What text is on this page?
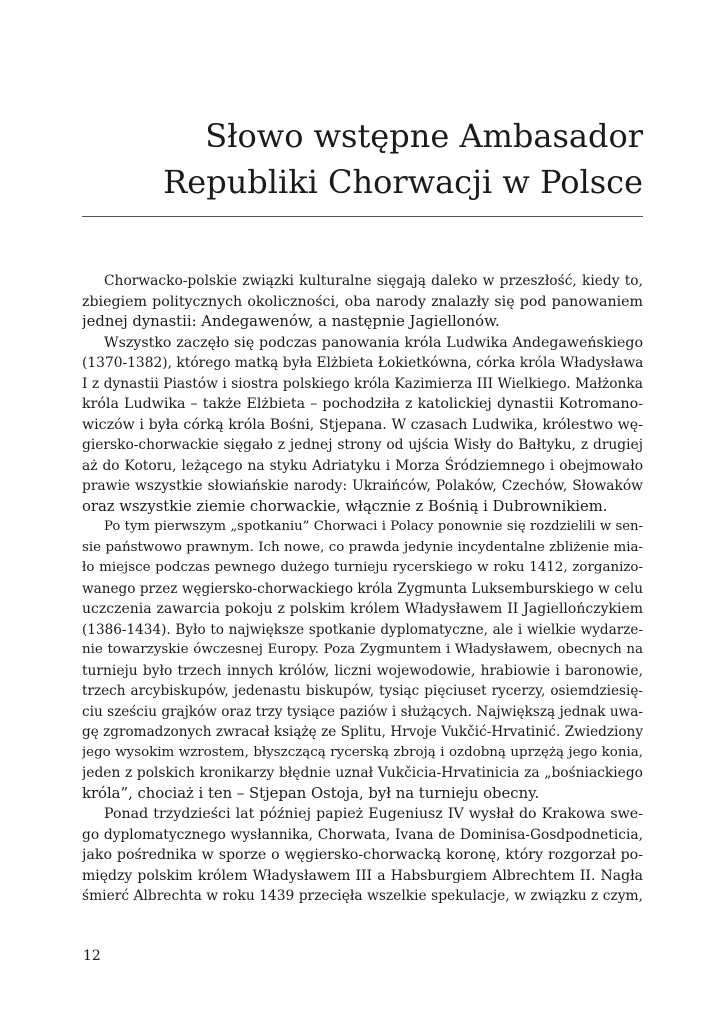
Słowo wstępne Ambasador
Republiki Chorwacji w Polsce
Chorwacko-polskie związki kulturalne sięgają daleko w przeszłość, kiedy to,
zbiegiem politycznych okoliczności, oba narody znalazły się pod panowaniem
jednej dynastii: Andegawenów, a następnie Jagiellonów.
Wszystko zaczęło się podczas panowania króla Ludwika Andegaweńskiego
(1370-1382), którego matką była Elżbieta Łokietkówna, córka króla Władysława
I z dynastii Piastów i siostra polskiego króla Kazimierza III Wielkiego. Małżonka
króla Ludwika – także Elżbieta – pochodziła z katolickiej dynastii Kotromano-
wiczów i była córką króla Bośni, Stjepana. W czasach Ludwika, królestwo wę-
giersko-chorwackie sięgało z jednej strony od ujścia Wisły do Bałtyku, z drugiej
aż do Kotoru, leżącego na styku Adriatyku i Morza Śródziemnego i obejmowało
prawie wszystkie słowiańskie narody: Ukraińców, Polaków, Czechów, Słowaków
oraz wszystkie ziemie chorwackie, włącznie z Bośnią i Dubrownikiem.
Po tym pierwszym „spotkaniu” Chorwaci i Polacy ponownie się rozdzielili w sen-
sie państwowo prawnym. Ich nowe, co prawda jedynie incydentalne zbliżenie mia-
ło miejsce podczas pewnego dużego turnieju rycerskiego w roku 1412, zorganizo-
wanego przez węgiersko-chorwackiego króla Zygmunta Luksemburskiego w celu
uczczenia zawarcia pokoju z polskim królem Władysławem II Jagiellończykiem
(1386-1434). Było to największe spotkanie dyplomatyczne, ale i wielkie wydarze-
nie towarzyskie ówczesnej Europy. Poza Zygmuntem i Władysławem, obecnych na
turnieju było trzech innych królów, liczni wojewodowie, hrabiowie i baronowie,
trzech arcybiskupów, jedenastu biskupów, tysiąc pięciuset rycerzy, osiemdziesię-
ciu sześciu grajków oraz trzy tysiące paziów i służących. Największą jednak uwa-
gę zgromadzonych zwracał książę ze Splitu, Hrvoje Vukčić-Hrvatinić. Zwiedziony
jego wysokim wzrostem, błyszczącą rycerską zbroją i ozdobną uprzężą jego konia,
jeden z polskich kronikarzy błędnie uznał Vukčicia-Hrvatinicia za „bośniackiego
króla”, chociaż i ten – Stjepan Ostoja, był na turnieju obecny.
Ponad trzydzieści lat później papież Eugeniusz IV wysłał do Krakowa swe-
go dyplomatycznego wysłannika, Chorwata, Ivana de Dominisa-Gosdpodneticia,
jako pośrednika w sporze o węgiersko-chorwacką koronę, który rozgorzał po-
między polskim królem Władysławem III a Habsburgiem Albrechtem II. Nagła
śmierć Albrechta w roku 1439 przecięła wszelkie spekulacje, w związku z czym,
12
